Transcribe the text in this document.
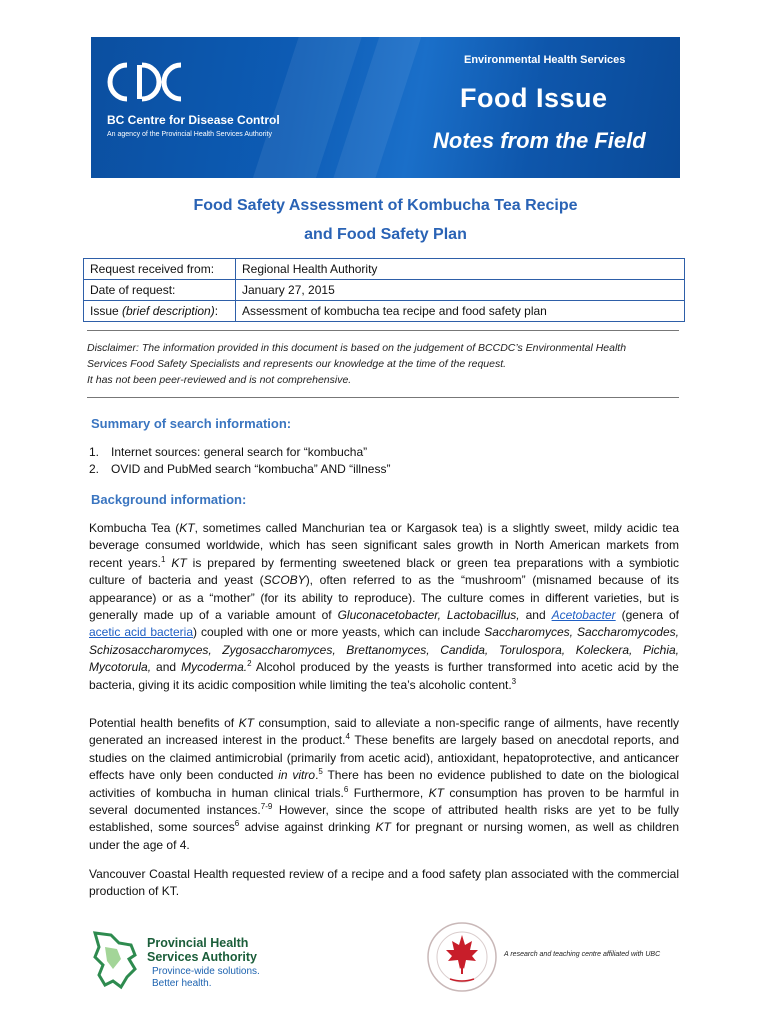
BC Centre for Disease Control
An agency of the Provincial Health Services Authority
Environmental Health Services
Food Issue
Notes from the Field

Food Safety Assessment of Kombucha Tea Recipe

and Food Safety Plan

Request received from:	Regional Health Authority
Date of request:	January 27, 2015
Issue (brief description):	Assessment of kombucha tea recipe and food safety plan
Disclaimer: The information provided in this document is based on the judgement of BCCDC’s Environmental Health
Services Food Safety Specialists and represents our knowledge at the time of the request.
It has not been peer-reviewed and is not comprehensive.
Summary of search information:
1. Internet sources: general search for “kombucha”
2. OVID and PubMed search “kombucha” AND “illness”
Background information:

Kombucha Tea (KT, sometimes called Manchurian tea or Kargasok tea) is a slightly sweet, mildy acidic tea beverage consumed worldwide, which has seen significant sales growth in North American markets from recent years.$^1$ KT is prepared by fermenting sweetened black or green tea preparations with a symbiotic culture of bacteria and yeast (SCOBY), often referred to as the “mushroom” (misnamed because of its appearance) or as a “mother” (for its ability to reproduce). The culture comes in different varieties, but is generally made up of a variable amount of Gluconacetobacter, Lactobacillus, and Acetobacter (genera of acetic acid bacteria) coupled with one or more yeasts, which can include Saccharomyces, Saccharomycodes, Schizosaccharomyces, Zygosaccharomyces, Brettanomyces, Candida, Torulospora, Koleckera, Pichia, Mycotorula, and Mycoderma.$^2$ Alcohol produced by the yeasts is further transformed into acetic acid by the bacteria, giving it its acidic composition while limiting the tea’s alcoholic content.$^3$

Potential health benefits of KT consumption, said to alleviate a non-specific range of ailments, have recently generated an increased interest in the product.$^4$ These benefits are largely based on anecdotal reports, and studies on the claimed antimicrobial (primarily from acetic acid), antioxidant, hepatoprotective, and anticancer effects have only been conducted in vitro.$^5$ There has been no evidence published to date on the biological activities of kombucha in human clinical trials.$^6$ Furthermore, KT consumption has proven to be harmful in several documented instances.$^{7-9}$ However, since the scope of attributed health risks are yet to be fully established, some sources$^6$ advise against drinking KT for pregnant or nursing women, as well as children under the age of 4.

Vancouver Coastal Health requested review of a recipe and a food safety plan associated with the commercial production of KT.

Provincial Health
Services Authority
Province-wide solutions.
Better health.
A research and teaching centre affiliated with UBC
